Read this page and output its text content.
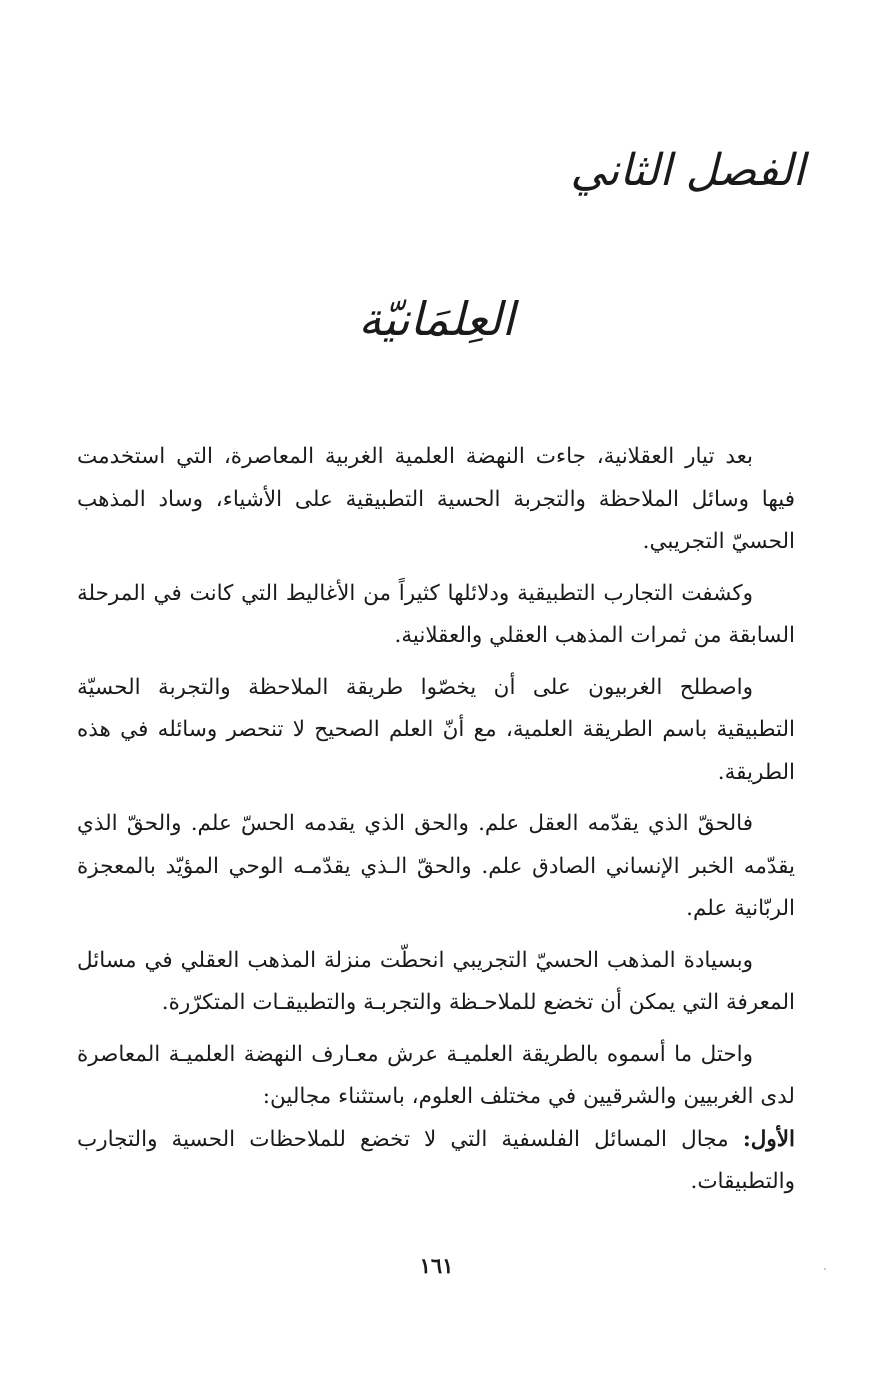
الفصل الثاني
العِلمَانيّة

بعد تيار العقلانية، جاءت النهضة العلمية الغربية المعاصرة، التي استخدمت فيها وسائل الملاحظة والتجربة الحسية التطبيقية على الأشياء، وساد المذهب الحسيّ التجريبي.

وكشفت التجارب التطبيقية ودلائلها كثيراً من الأغاليط التي كانت في المرحلة السابقة من ثمرات المذهب العقلي والعقلانية.

واصطلح الغربيون على أن يخصّوا طريقة الملاحظة والتجربة الحسيّة التطبيقية باسم الطريقة العلمية، مع أنّ العلم الصحيح لا تنحصر وسائله في هذه الطريقة.

فالحقّ الذي يقدّمه العقل علم. والحق الذي يقدمه الحسّ علم. والحقّ الذي يقدّمه الخبر الإنساني الصادق علم. والحقّ الـذي يقدّمـه الوحي المؤيّد بالمعجزة الربّانية علم.

وبسيادة المذهب الحسيّ التجريبي انحطّت منزلة المذهب العقلي في مسائل المعرفة التي يمكن أن تخضع للملاحـظة والتجربـة والتطبيقـات المتكرّرة.

واحتل ما أسموه بالطريقة العلميـة عرش معـارف النهضة العلميـة المعاصرة لدى الغربيين والشرقيين في مختلف العلوم، باستثناء مجالين:

الأول: مجال المسائل الفلسفية التي لا تخضع للملاحظات الحسية والتجارب والتطبيقات.

١٦١
